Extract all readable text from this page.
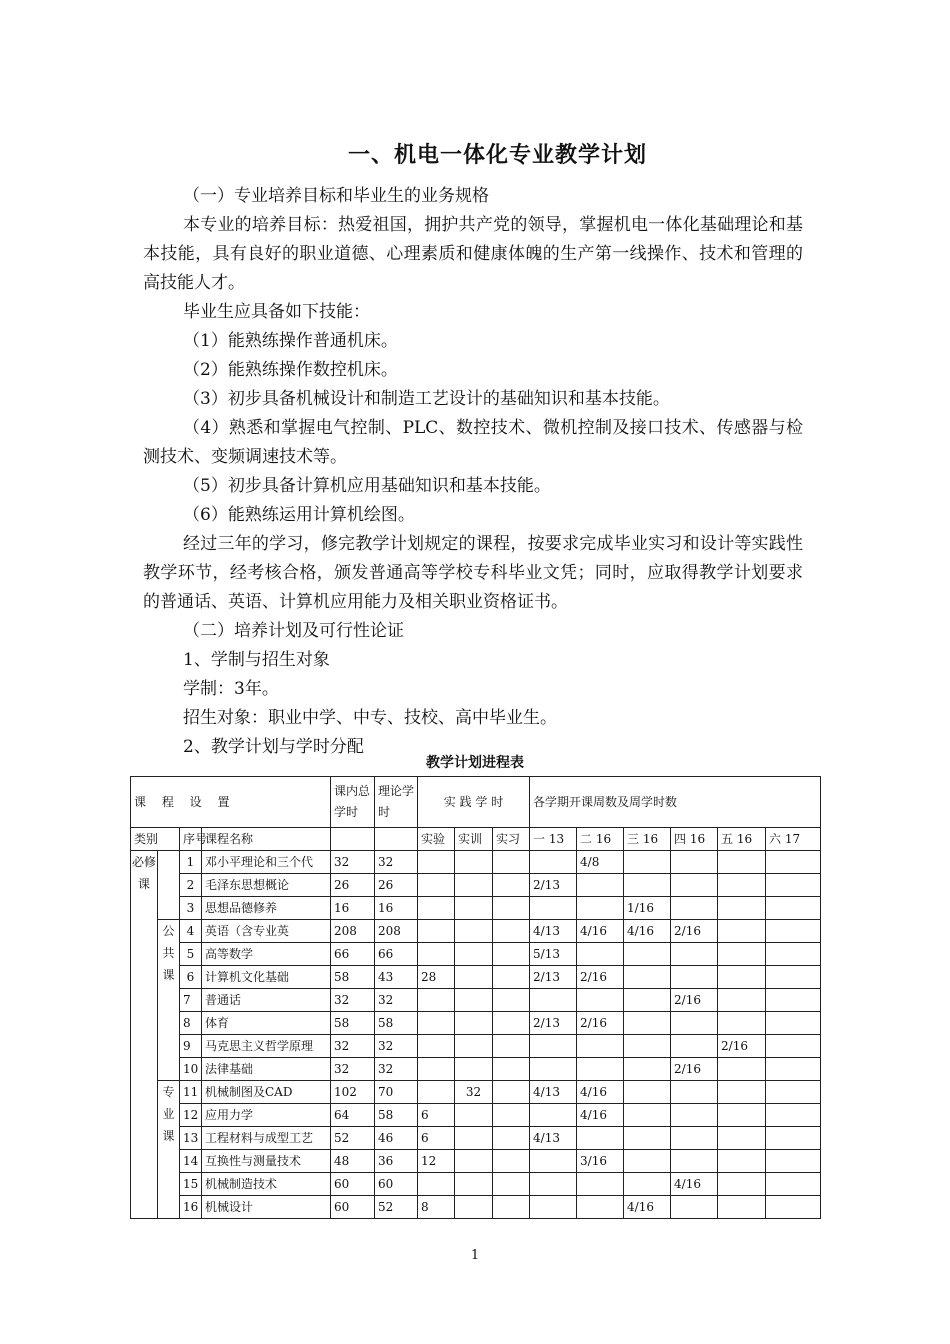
一、机电一体化专业教学计划

（一）专业培养目标和毕业生的业务规格

本专业的培养目标：热爱祖国，拥护共产党的领导，掌握机电一体化基础理论和基本技能，具有良好的职业道德、心理素质和健康体魄的生产第一线操作、技术和管理的高技能人才。

毕业生应具备如下技能：

（1）能熟练操作普通机床。

（2）能熟练操作数控机床。

（3）初步具备机械设计和制造工艺设计的基础知识和基本技能。

（4）熟悉和掌握电气控制、PLC、数控技术、微机控制及接口技术、传感器与检测技术、变频调速技术等。

（5）初步具备计算机应用基础知识和基本技能。

（6）能熟练运用计算机绘图。

经过三年的学习，修完教学计划规定的课程，按要求完成毕业实习和设计等实践性教学环节，经考核合格，颁发普通高等学校专科毕业文凭；同时，应取得教学计划要求的普通话、英语、计算机应用能力及相关职业资格证书。

（二）培养计划及可行性论证

1、学制与招生对象

学制：3年。

招生对象：职业中学、中专、技校、高中毕业生。

2、教学计划与学时分配

教学计划进程表
课 程 设 置				课内总学时	理论学时	实 践 学 时			各学期开课周数及周学时数					
类别		序号	课程名称			实验	实训	实习	一 13	二 16	三 16	四 16	五 16	六 17
必修课		1	邓小平理论和三个代	32	32					4/8				
		2	毛泽东思想概论	26	26				2/13					
		3	思想品德修养	16	16						1/16			
	公共课	4	英语（含专业英	208	208				4/13	4/16	4/16	2/16		
		5	高等数学	66	66				5/13					
		6	计算机文化基础	58	43	28			2/13	2/16				
		7	普通话	32	32							2/16		
		8	体育	58	58				2/13	2/16				
		9	马克思主义哲学原理	32	32								2/16	
		10	法律基础	32	32							2/16		
	专业课	11	机械制图及CAD	102	70		32		4/13	4/16				
		12	应用力学	64	58	6				4/16				
		13	工程材料与成型工艺	52	46	6			4/13					
		14	互换性与测量技术	48	36	12				3/16				
		15	机械制造技术	60	60							4/16		
		16	机械设计	60	52	8					4/16			
1
